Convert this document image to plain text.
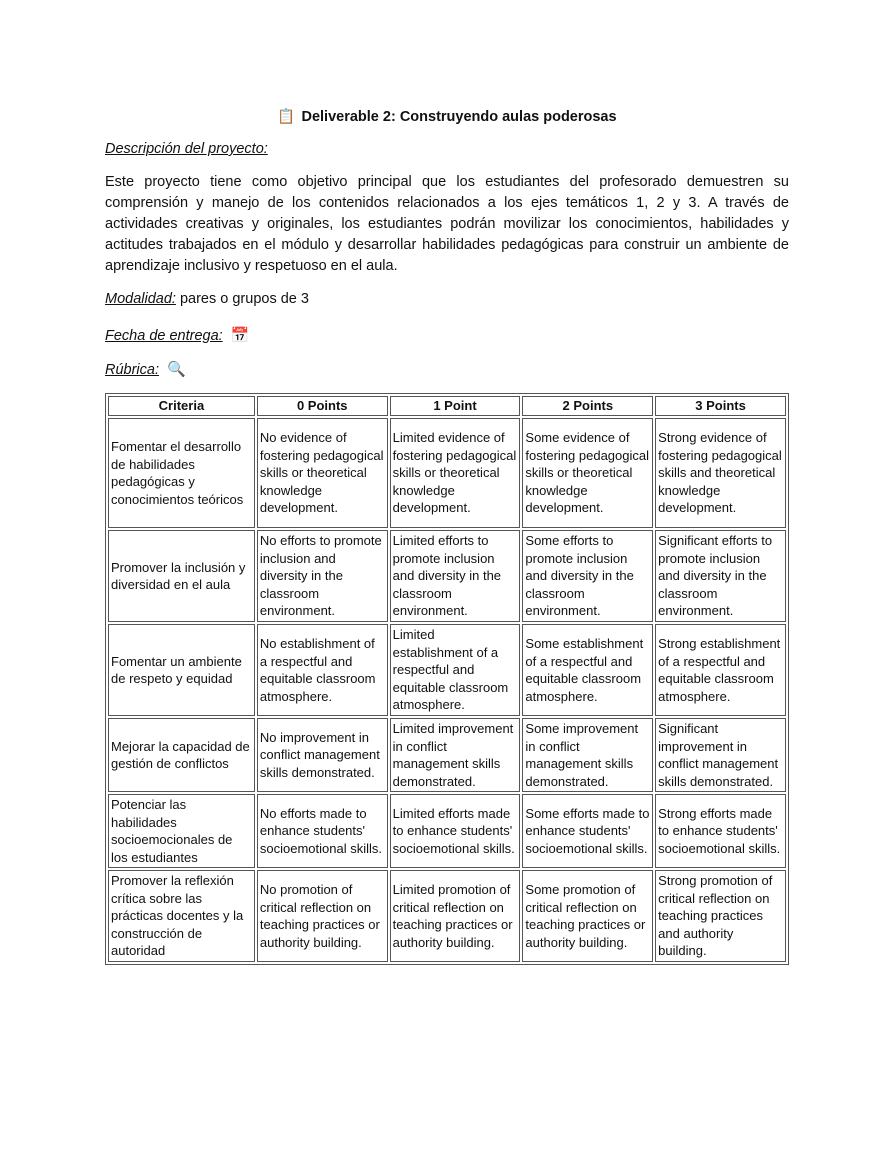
📋 Deliverable 2: Construyendo aulas poderosas
Descripción del proyecto:
Este proyecto tiene como objetivo principal que los estudiantes del profesorado demuestren su comprensión y manejo de los contenidos relacionados a los ejes temáticos 1, 2 y 3. A través de actividades creativas y originales, los estudiantes podrán movilizar los conocimientos, habilidades y actitudes trabajados en el módulo y desarrollar habilidades pedagógicas para construir un ambiente de aprendizaje inclusivo y respetuoso en el aula.
Modalidad: pares o grupos de 3
Fecha de entrega: 📅
Rúbrica: 🔍
Criteria	0 Points	1 Point	2 Points	3 Points
Fomentar el desarrollo de habilidades pedagógicas y conocimientos teóricos	No evidence of fostering pedagogical skills or theoretical knowledge development.	Limited evidence of fostering pedagogical skills or theoretical knowledge development.	Some evidence of fostering pedagogical skills or theoretical knowledge development.	Strong evidence of fostering pedagogical skills and theoretical knowledge development.
Promover la inclusión y diversidad en el aula	No efforts to promote inclusion and diversity in the classroom environment.	Limited efforts to promote inclusion and diversity in the classroom environment.	Some efforts to promote inclusion and diversity in the classroom environment.	Significant efforts to promote inclusion and diversity in the classroom environment.
Fomentar un ambiente de respeto y equidad	No establishment of a respectful and equitable classroom atmosphere.	Limited establishment of a respectful and equitable classroom atmosphere.	Some establishment of a respectful and equitable classroom atmosphere.	Strong establishment of a respectful and equitable classroom atmosphere.
Mejorar la capacidad de gestión de conflictos	No improvement in conflict management skills demonstrated.	Limited improvement in conflict management skills demonstrated.	Some improvement in conflict management skills demonstrated.	Significant improvement in conflict management skills demonstrated.
Potenciar las habilidades socioemocionales de los estudiantes	No efforts made to enhance students' socioemotional skills.	Limited efforts made to enhance students' socioemotional skills.	Some efforts made to enhance students' socioemotional skills.	Strong efforts made to enhance students' socioemotional skills.
Promover la reflexión crítica sobre las prácticas docentes y la construcción de autoridad	No promotion of critical reflection on teaching practices or authority building.	Limited promotion of critical reflection on teaching practices or authority building.	Some promotion of critical reflection on teaching practices or authority building.	Strong promotion of critical reflection on teaching practices and authority building.
